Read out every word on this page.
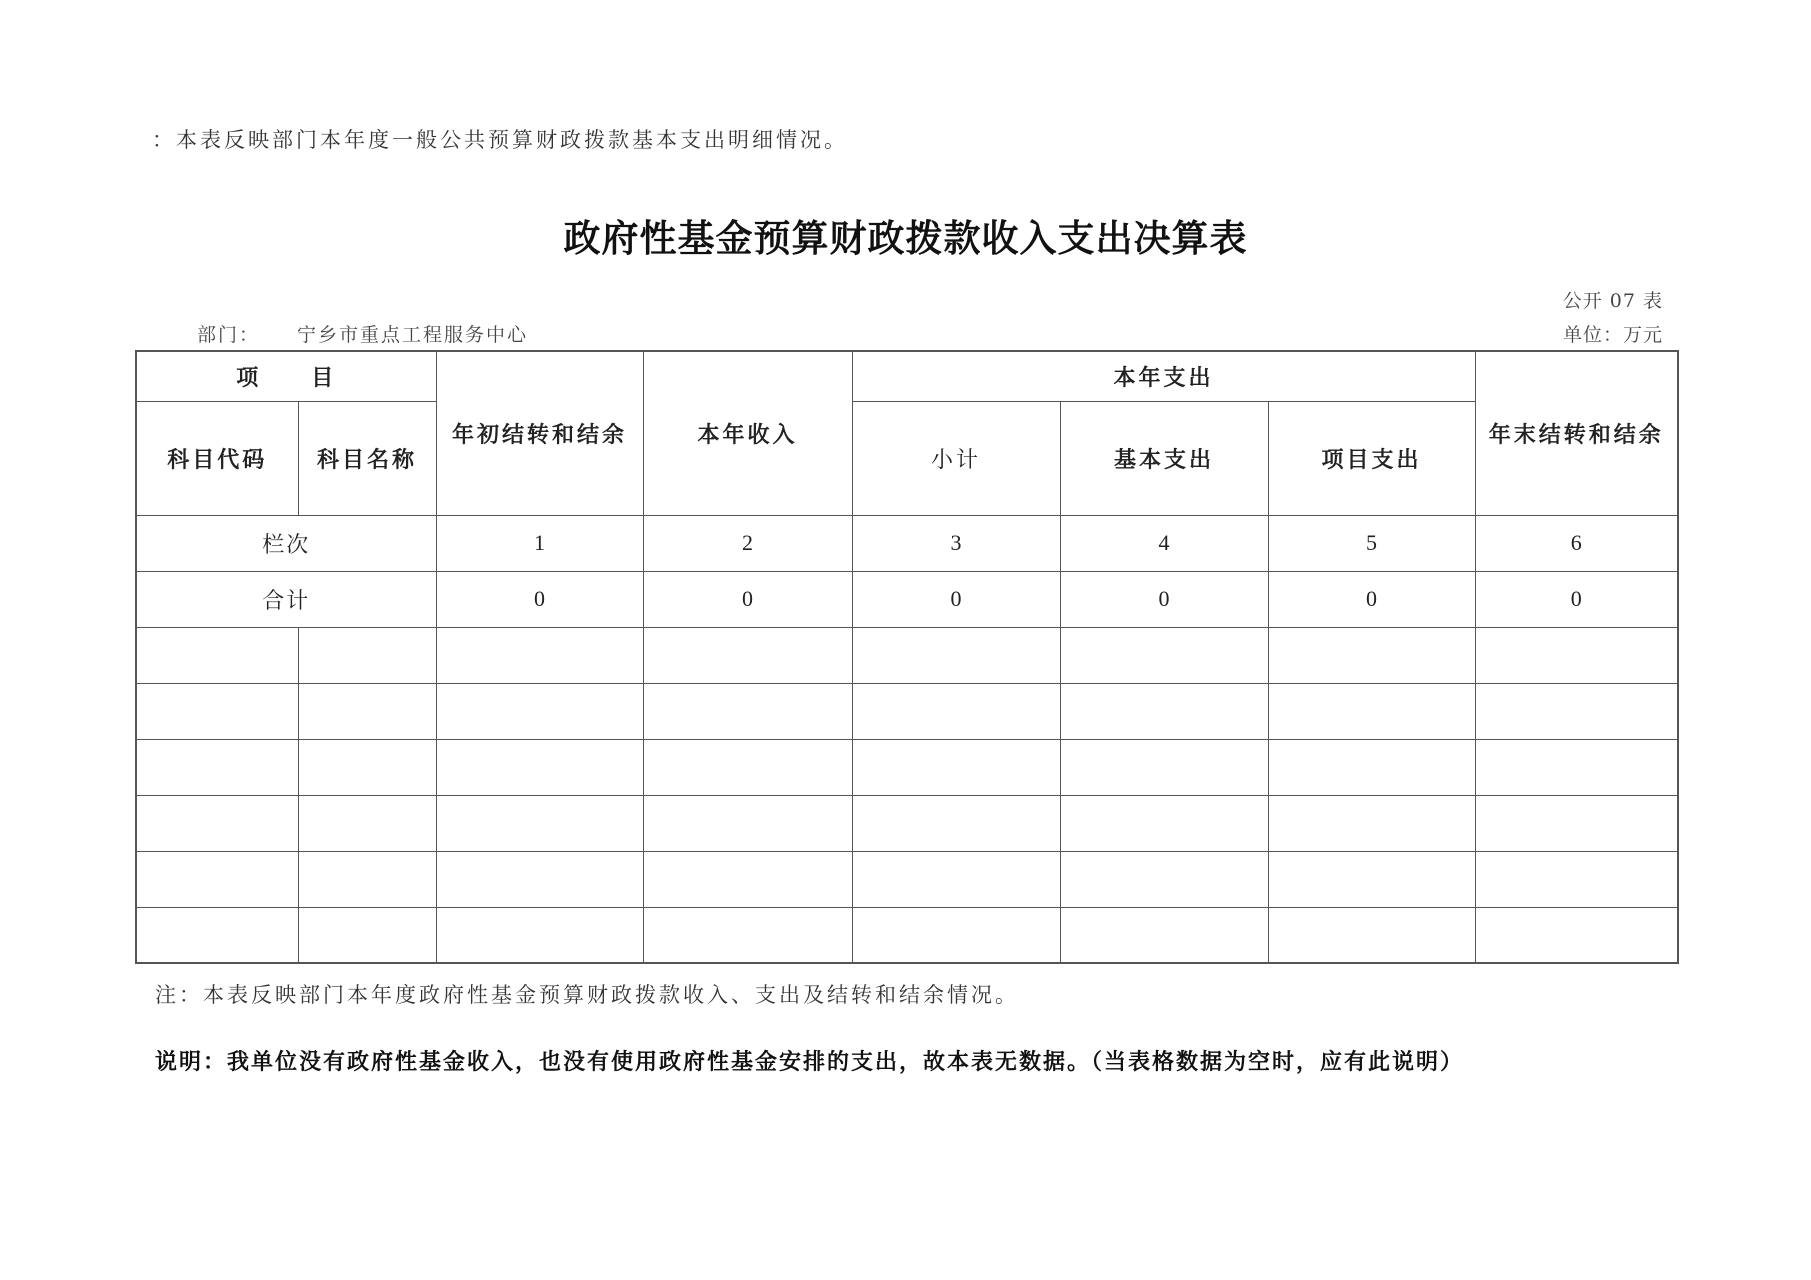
：本表反映部门本年度一般公共预算财政拨款基本支出明细情况。
政府性基金预算财政拨款收入支出决算表
公开 07 表
部门： 宁乡市重点工程服务中心	单位：万元
项　　目		年初结转和结余	本年收入	本年支出			年末结转和结余
科目代码	科目名称			小计	基本支出	项目支出	
栏次		1	2	3	4	5	6
合计		0	0	0	0	0	0

注：本表反映部门本年度政府性基金预算财政拨款收入、支出及结转和结余情况。
说明：我单位没有政府性基金收入，也没有使用政府性基金安排的支出，故本表无数据。（当表格数据为空时，应有此说明）
